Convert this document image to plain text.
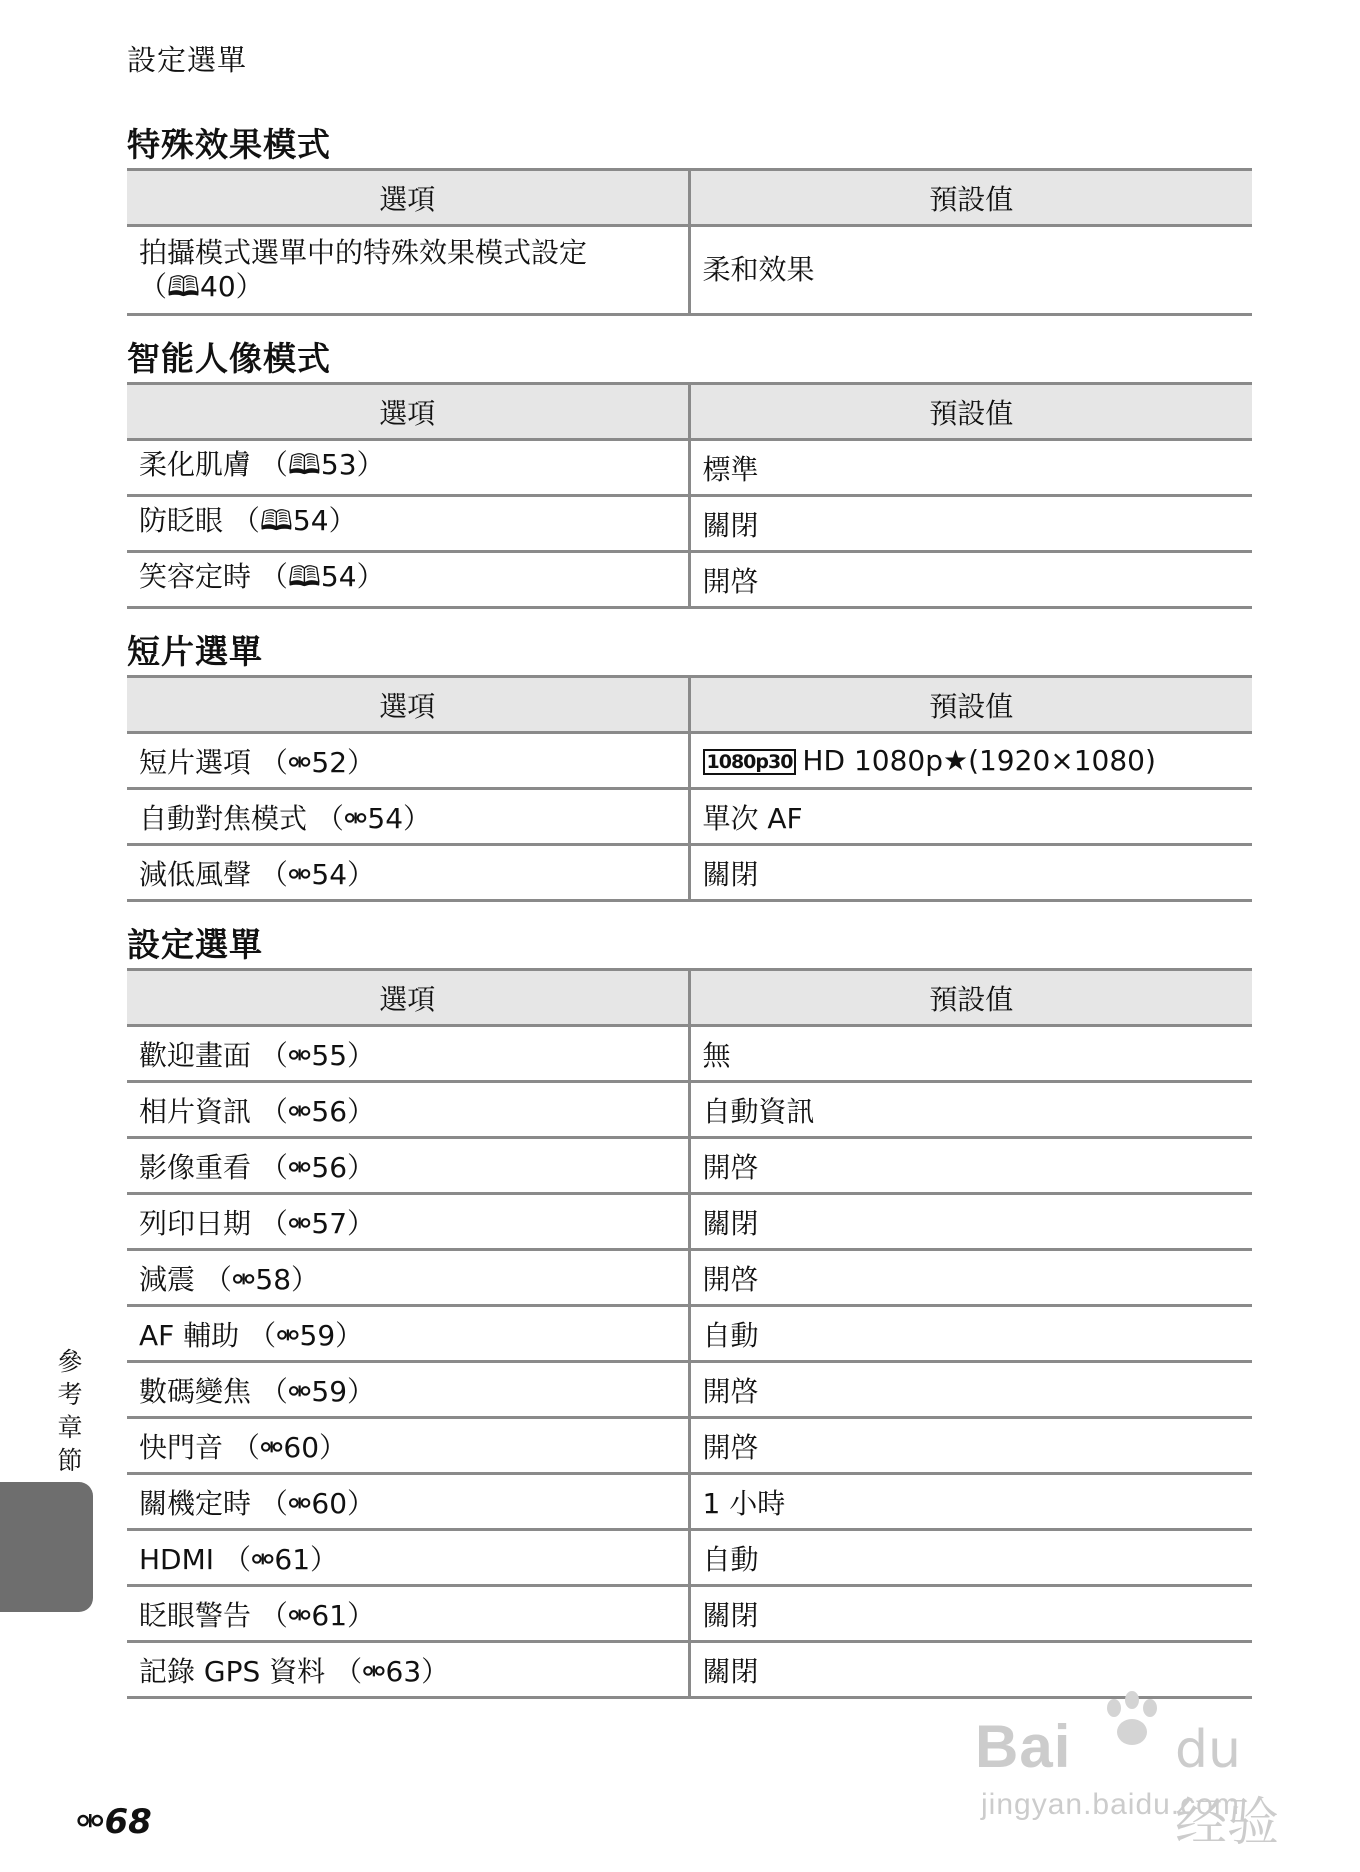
設定選單
特殊效果模式
選項	預設值
拍攝模式選單中的特殊效果模式設定
（🕮40）	柔和效果
智能人像模式
選項	預設值
柔化肌膚 （🕮53）	標準
防眨眼 （🕮54）	關閉
笑容定時 （🕮54）	開啓
短片選單
選項	預設值
短片選項 （⚮52）	1080p30 HD 1080p★(1920×1080)
自動對焦模式 （⚮54）	單次 AF
減低風聲 （⚮54）	關閉
設定選單
選項	預設值
歡迎畫面 （⚮55）	無
相片資訊 （⚮56）	自動資訊
影像重看 （⚮56）	開啓
列印日期 （⚮57）	關閉
減震 （⚮58）	開啓
AF 輔助 （⚮59）	自動
數碼變焦 （⚮59）	開啓
快門音 （⚮60）	開啓
關機定時 （⚮60）	1 小時
HDMI （⚮61）	自動
眨眼警告 （⚮61）	關閉
記錄 GPS 資料 （⚮63）	關閉
參考章節
⚮68
Bai du 经验
jingyan.baidu.com
